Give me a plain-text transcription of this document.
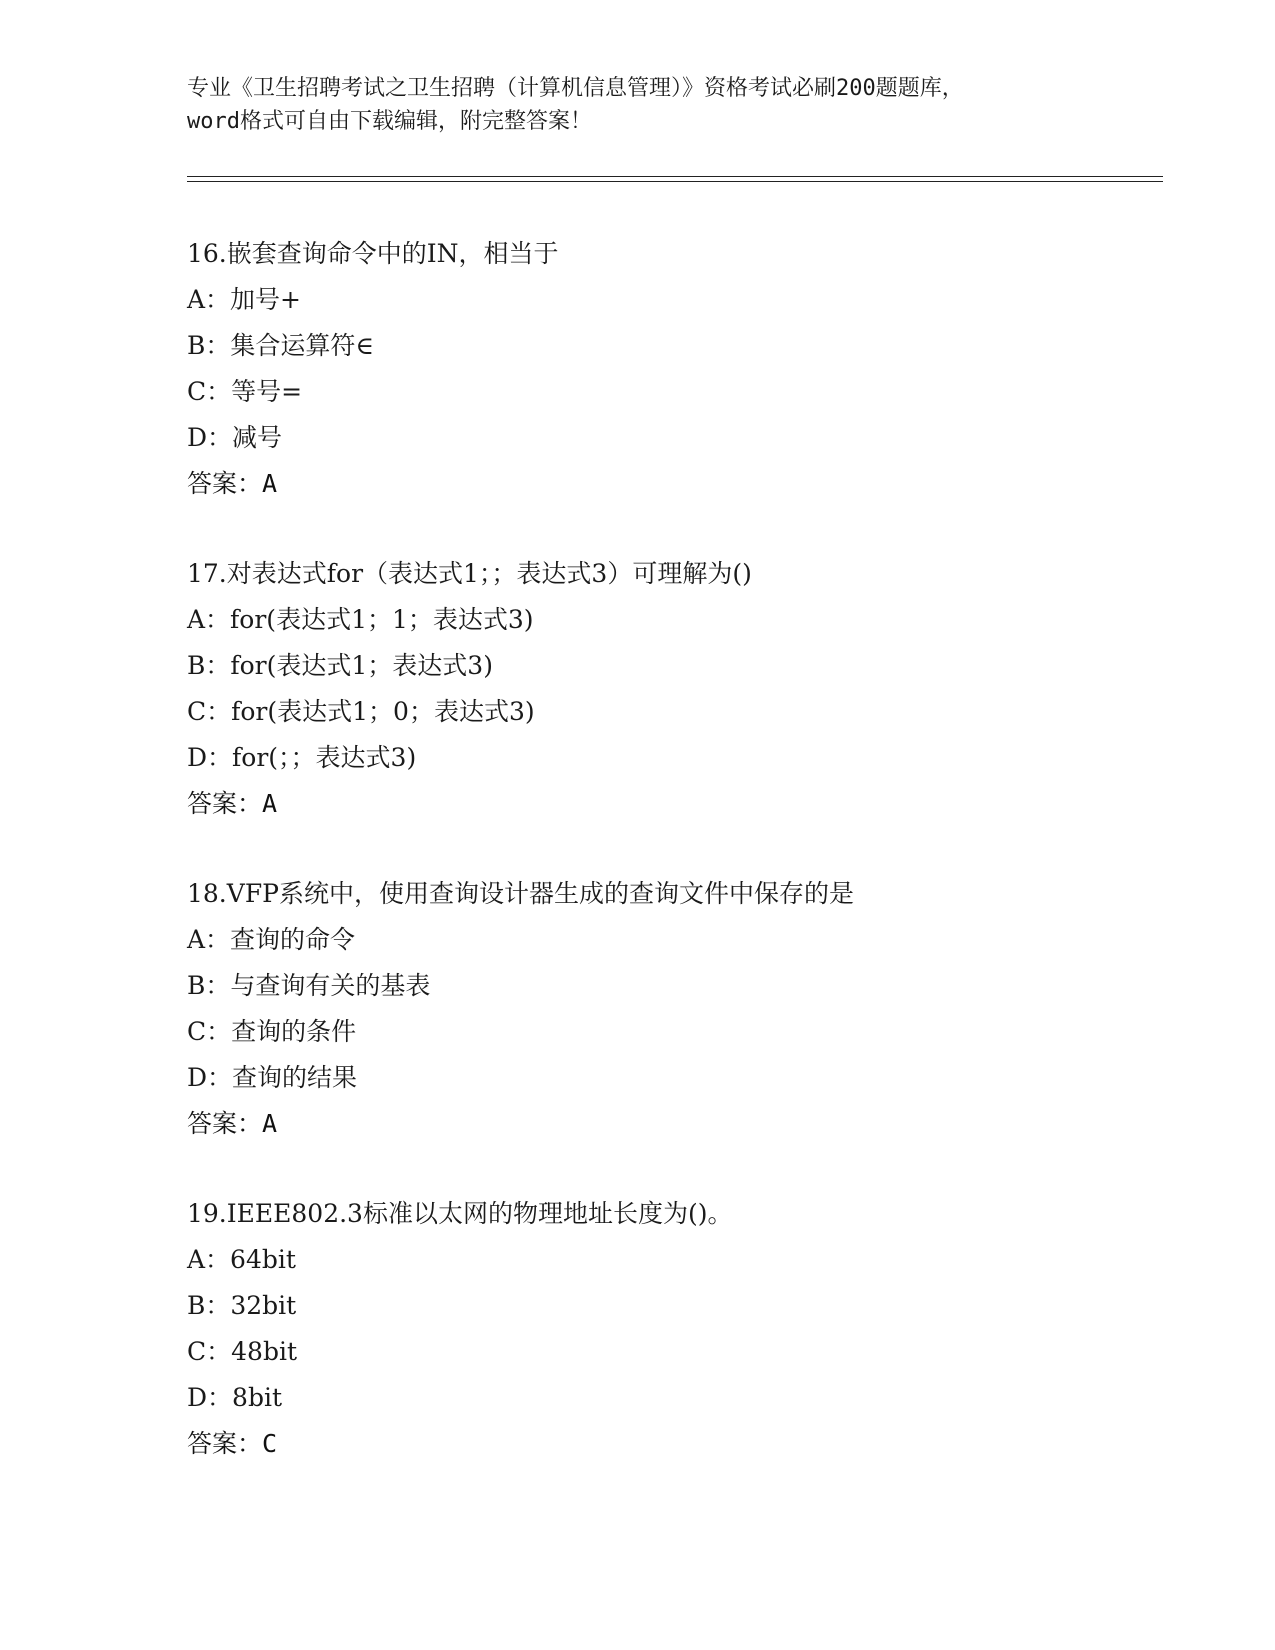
专业《卫生招聘考试之卫生招聘（计算机信息管理）》资格考试必刷200题题库，
word格式可自由下载编辑，附完整答案！
16.嵌套查询命令中的IN，相当于
A：加号+
B：集合运算符∈
C：等号=
D：减号
答案：A
17.对表达式for（表达式1；；表达式3）可理解为()
A：for(表达式1；1；表达式3)
B：for(表达式1；表达式3)
C：for(表达式1；0；表达式3)
D：for(；；表达式3)
答案：A
18.VFP系统中，使用查询设计器生成的查询文件中保存的是
A：查询的命令
B：与查询有关的基表
C：查询的条件
D：查询的结果
答案：A
19.IEEE802.3标准以太网的物理地址长度为()。
A：64bit
B：32bit
C：48bit
D：8bit
答案：C
